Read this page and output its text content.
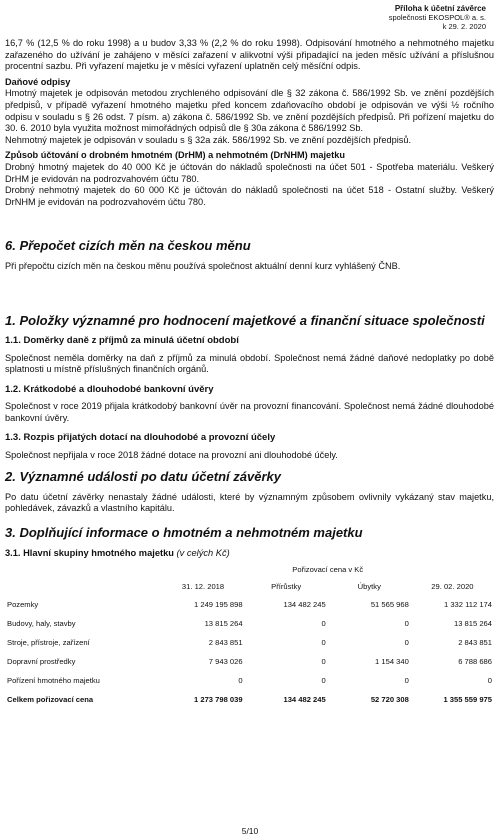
Příloha k účetní závěrce
společnosti EKOSPOL® a. s.
k 29. 2. 2020

16,7 % (12,5 % do roku 1998) a u budov 3,33 % (2,2 % do roku 1998). Odpisování hmotného a nehmotného majetku zařazeného do užívání je zahájeno v měsíci zařazení v alikvotní výši připadající na jeden měsíc užívání a příslušnou procentní sazbu. Při vyřazení majetku je v měsíci vyřazení uplatněn celý měsíční odpis.

Daňové odpisy

Hmotný majetek je odpisován metodou zrychleného odpisování dle § 32 zákona č. 586/1992 Sb. ve znění pozdějších předpisů, v případě vyřazení hmotného majetku před koncem zdaňovacího období je odpisován ve výši ½ ročního odpisu v souladu s § 26 odst. 7 písm. a) zákona č. 586/1992 Sb. ve znění pozdějších předpisů. Při pořízení majetku do 30. 6. 2010 byla využita možnost mimořádných odpisů dle § 30a zákona č 586/1992 Sb.

Nehmotný majetek je odpisován v souladu s § 32a zák. 586/1992 Sb. ve znění pozdějších předpisů.

Způsob účtování o drobném hmotném (DrHM) a nehmotném (DrNHM) majetku

Drobný hmotný majetek do 40 000 Kč je účtován do nákladů společnosti na účet 501 - Spotřeba materiálu. Veškerý DrHM je evidován na podrozvahovém účtu 780.

Drobný nehmotný majetek do 60 000 Kč je účtován do nákladů společnosti na účet 518 - Ostatní služby. Veškerý DrNHM je evidován na podrozvahovém účtu 780.

6. Přepočet cizích měn na českou měnu

Při přepočtu cizích měn na českou měnu používá společnost aktuální denní kurz vyhlášený ČNB.

1. Položky významné pro hodnocení majetkové a finanční situace společnosti

1.1. Doměrky daně z příjmů za minulá účetní období

Společnost neměla doměrky na daň z příjmů za minulá období. Společnost nemá žádné daňové nedoplatky po době splatnosti u místně příslušných finančních orgánů.

1.2. Krátkodobé a dlouhodobé bankovní úvěry

Společnost v roce 2019 přijala krátkodobý bankovní úvěr na provozní financování. Společnost nemá žádné dlouhodobé bankovní úvěry.

1.3. Rozpis přijatých dotací na dlouhodobé a provozní účely

Společnost nepřijala v roce 2018 žádné dotace na provozní ani dlouhodobé účely.

2. Významné události po datu účetní závěrky

Po datu účetní závěrky nenastaly žádné události, které by významným způsobem ovlivnily vykázaný stav majetku, pohledávek, závazků a vlastního kapitálu.

3. Doplňující informace o hmotném a nehmotném majetku

3.1. Hlavní skupiny hmotného majetku (v celých Kč)

		Pořizovací cena v Kč		
	31. 12. 2018	Přírůstky	Úbytky	29. 02. 2020
Pozemky	1 249 195 898	134 482 245	51 565 968	1 332 112 174
Budovy, haly, stavby	13 815 264	0	0	13 815 264
Stroje, přístroje, zařízení	2 843 851	0	0	2 843 851
Dopravní prostředky	7 943 026	0	1 154 340	6 788 686
Pořízení hmotného majetku	0	0	0	0
Celkem pořizovací cena	1 273 798 039	134 482 245	52 720 308	1 355 559 975
5/10
